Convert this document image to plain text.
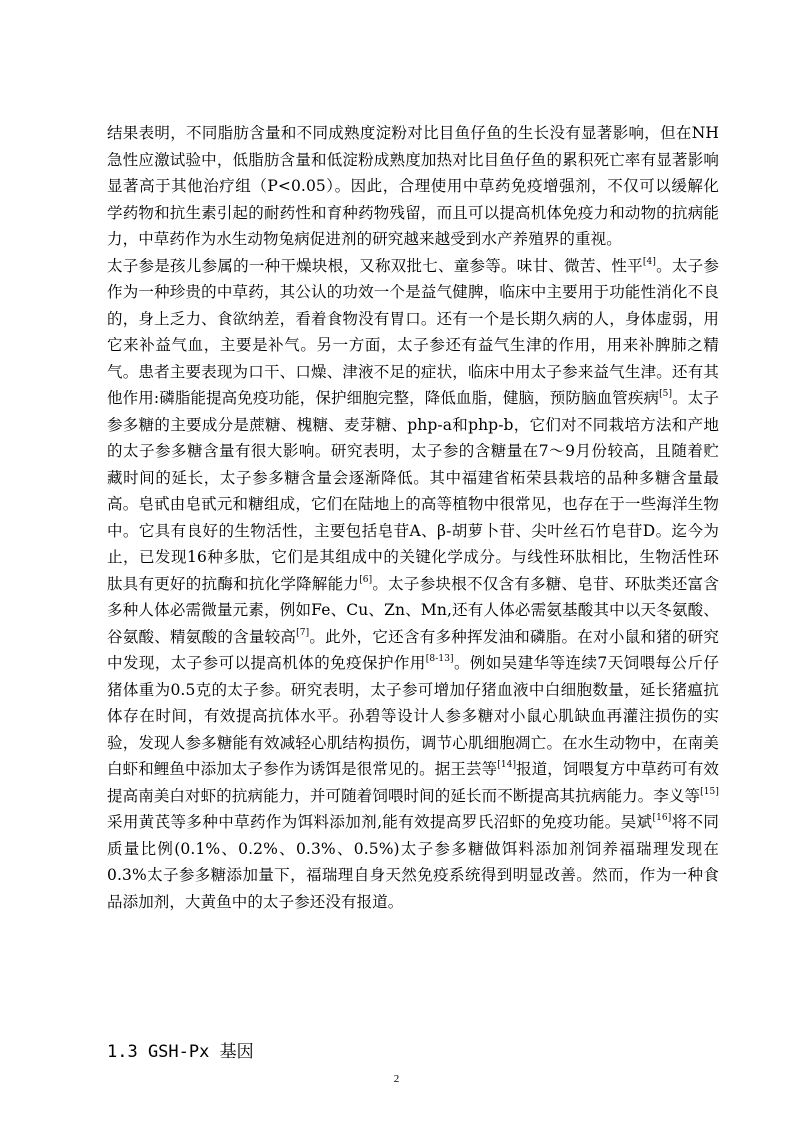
结果表明，不同脂肪含量和不同成熟度淀粉对比目鱼仔鱼的生长没有显著影响，但在NH急性应激试验中，低脂肪含量和低淀粉成熟度加热对比目鱼仔鱼的累积死亡率有显著影响显著高于其他治疗组（P<0.05）。因此，合理使用中草药免疫增强剂，不仅可以缓解化学药物和抗生素引起的耐药性和育种药物残留，而且可以提高机体免疫力和动物的抗病能力，中草药作为水生动物兔病促进剂的研究越来越受到水产养殖界的重视。

太子参是孩儿参属的一种干燥块根，又称双批七、童参等。味甘、微苦、性平[4]。太子参作为一种珍贵的中草药，其公认的功效一个是益气健脾，临床中主要用于功能性消化不良的，身上乏力、食欲纳差，看着食物没有胃口。还有一个是长期久病的人，身体虚弱，用它来补益气血，主要是补气。另一方面，太子参还有益气生津的作用，用来补脾肺之精气。患者主要表现为口干、口燥、津液不足的症状，临床中用太子参来益气生津。还有其他作用:磷脂能提高免疫功能，保护细胞完整，降低血脂，健脑，预防脑血管疾病[5]。太子参多糖的主要成分是蔗糖、槐糖、麦芽糖、php-a和php-b，它们对不同栽培方法和产地的太子参多糖含量有很大影响。研究表明，太子参的含糖量在7～9月份较高，且随着贮藏时间的延长，太子参多糖含量会逐渐降低。其中福建省柘荣县栽培的品种多糖含量最高。皂甙由皂甙元和糖组成，它们在陆地上的高等植物中很常见，也存在于一些海洋生物中。它具有良好的生物活性，主要包括皂苷A、β-胡萝卜苷、尖叶丝石竹皂苷D。迄今为止，已发现16种多肽，它们是其组成中的关键化学成分。与线性环肽相比，生物活性环肽具有更好的抗酶和抗化学降解能力[6]。太子参块根不仅含有多糖、皂苷、环肽类还富含多种人体必需微量元素，例如Fe、Cu、Zn、Mn,还有人体必需氨基酸其中以天冬氨酸、谷氨酸、精氨酸的含量较高[7]。此外，它还含有多种挥发油和磷脂。在对小鼠和猪的研究中发现，太子参可以提高机体的免疫保护作用[8-13]。例如吴建华等连续7天饲喂每公斤仔猪体重为0.5克的太子参。研究表明，太子参可增加仔猪血液中白细胞数量，延长猪瘟抗体存在时间，有效提高抗体水平。孙碧等设计人参多糖对小鼠心肌缺血再灌注损伤的实验，发现人参多糖能有效减轻心肌结构损伤，调节心肌细胞凋亡。在水生动物中，在南美白虾和鲤鱼中添加太子参作为诱饵是很常见的。据王芸等[14]报道，饲喂复方中草药可有效提高南美白对虾的抗病能力，并可随着饲喂时间的延长而不断提高其抗病能力。李义等[15]采用黄芪等多种中草药作为饵料添加剂,能有效提高罗氏沼虾的免疫功能。吴斌[16]将不同质量比例(0.1%、0.2%、0.3%、0.5%)太子参多糖做饵料添加剂饲养福瑞理发现在0.3%太子参多糖添加量下，福瑞理自身天然免疫系统得到明显改善。然而，作为一种食品添加剂，大黄鱼中的太子参还没有报道。

1.3 GSH-Px 基因
2
